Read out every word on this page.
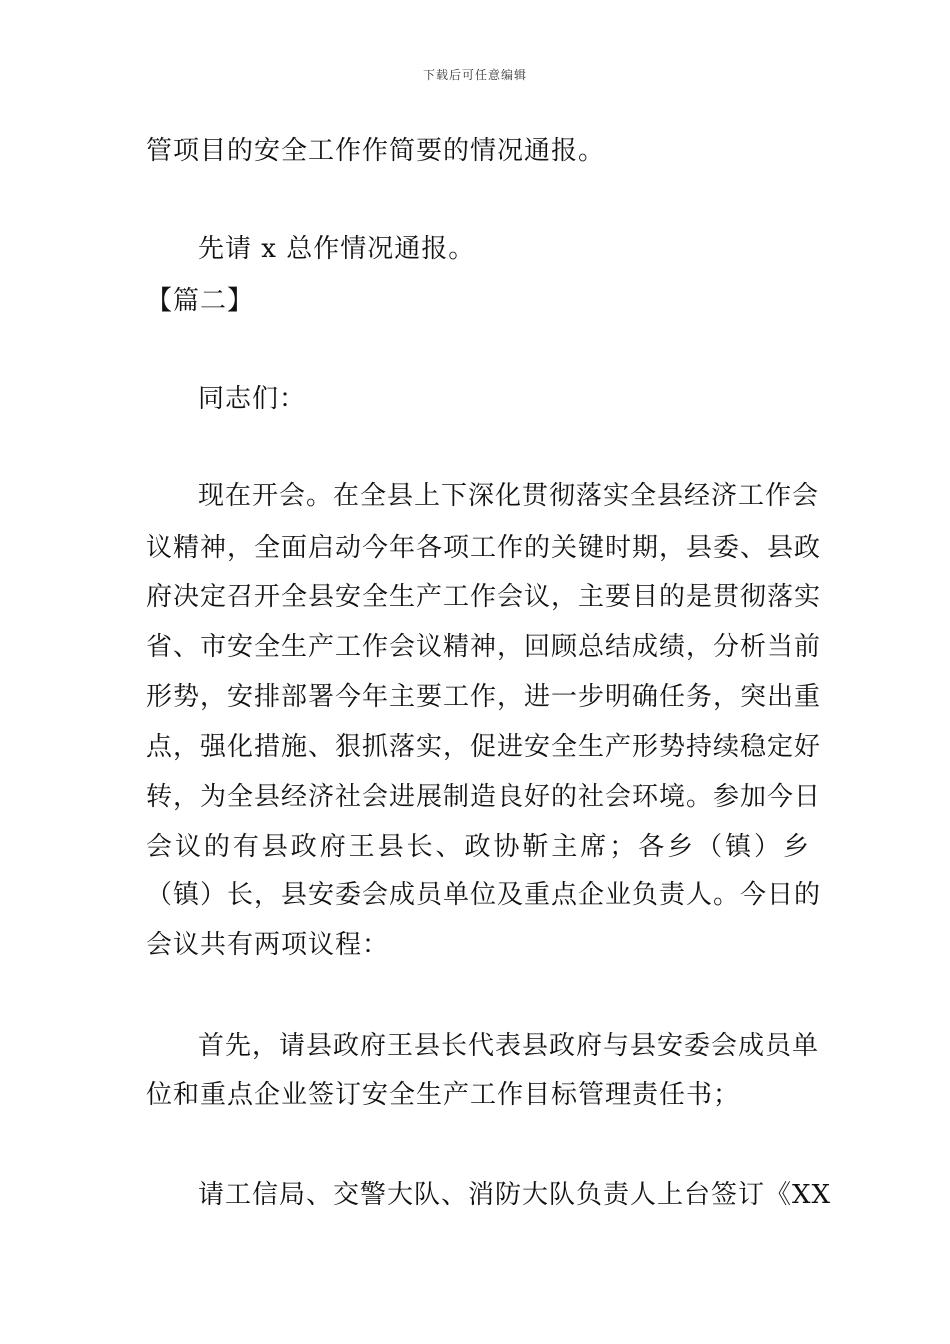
下载后可任意编辑
管项目的安全工作作简要的情况通报。
先请 x 总作情况通报。
【篇二】
同志们：
现在开会。在全县上下深化贯彻落实全县经济工作会
议精神，全面启动今年各项工作的关键时期，县委、县政
府决定召开全县安全生产工作会议，主要目的是贯彻落实
省、市安全生产工作会议精神，回顾总结成绩，分析当前
形势，安排部署今年主要工作，进一步明确任务，突出重
点，强化措施、狠抓落实，促进安全生产形势持续稳定好
转，为全县经济社会进展制造良好的社会环境。参加今日
会议的有县政府王县长、政协靳主席；各乡（镇）乡
（镇）长，县安委会成员单位及重点企业负责人。今日的
会议共有两项议程：
首先，请县政府王县长代表县政府与县安委会成员单
位和重点企业签订安全生产工作目标管理责任书；
请工信局、交警大队、消防大队负责人上台签订《XX
